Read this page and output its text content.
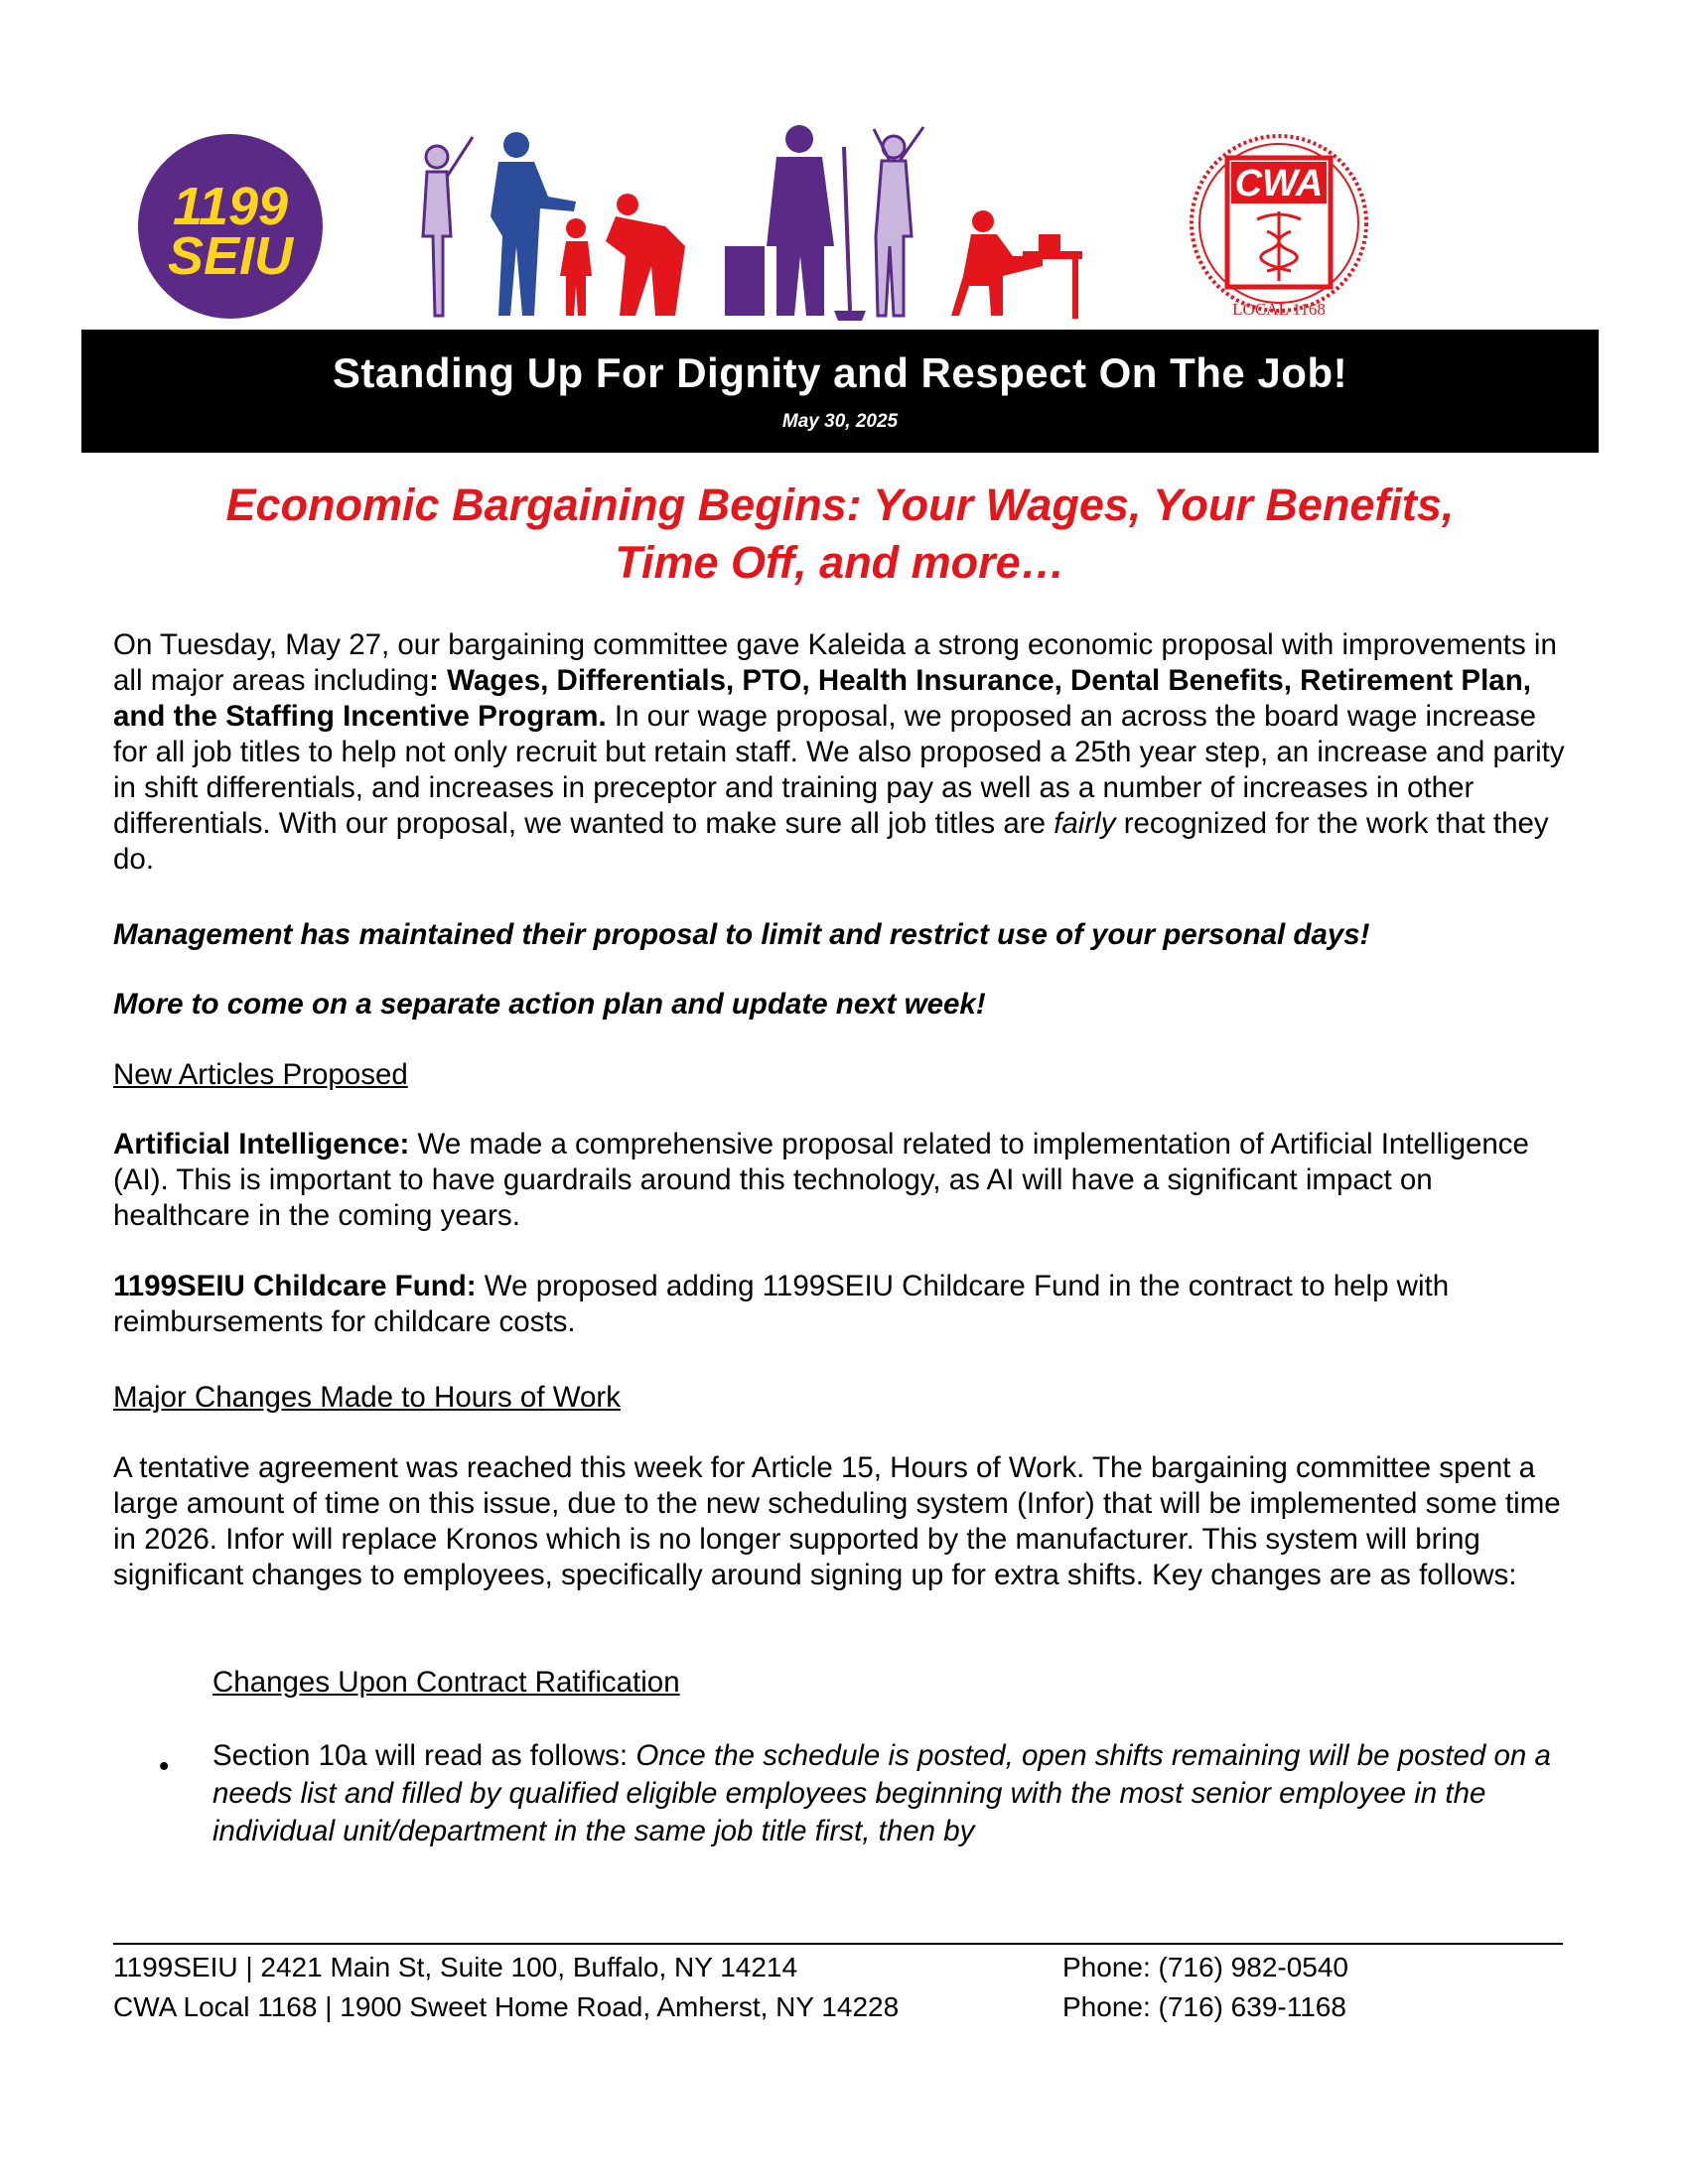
1199
SEIU
CWA
LOCAL 1168
Standing Up For Dignity and Respect On The Job!
May 30, 2025
Economic Bargaining Begins: Your Wages, Your Benefits,
Time Off, and more…

On Tuesday, May 27, our bargaining committee gave Kaleida a strong economic proposal with improvements in all major areas including: Wages, Differentials, PTO, Health Insurance, Dental Benefits, Retirement Plan, and the Staffing Incentive Program. In our wage proposal, we proposed an across the board wage increase for all job titles to help not only recruit but retain staff. We also proposed a 25th year step, an increase and parity in shift differentials, and increases in preceptor and training pay as well as a number of increases in other differentials. With our proposal, we wanted to make sure all job titles are fairly recognized for the work that they do.

Management has maintained their proposal to limit and restrict use of your personal days!
More to come on a separate action plan and update next week!
New Articles Proposed

Artificial Intelligence: We made a comprehensive proposal related to implementation of Artificial Intelligence (AI). This is important to have guardrails around this technology, as AI will have a significant impact on healthcare in the coming years.

1199SEIU Childcare Fund: We proposed adding 1199SEIU Childcare Fund in the contract to help with reimbursements for childcare costs.

Major Changes Made to Hours of Work
A tentative agreement was reached this week for Article 15, Hours of Work. The bargaining committee spent a large amount of time on this issue, due to the new scheduling system (Infor) that will be implemented some time in 2026. Infor will replace Kronos which is no longer supported by the manufacturer. This system will bring significant changes to employees, specifically around signing up for extra shifts. Key changes are as follows:
Changes Upon Contract Ratification
• Section 10a will read as follows: Once the schedule is posted, open shifts remaining will be posted on a needs list and filled by qualified eligible employees beginning with the most senior employee in the individual unit/department in the same job title first, then by
1199SEIU | 2421 Main St, Suite 100, Buffalo, NY 14214	Phone: (716) 982-0540
CWA Local 1168 | 1900 Sweet Home Road, Amherst, NY 14228	Phone: (716) 639-1168
